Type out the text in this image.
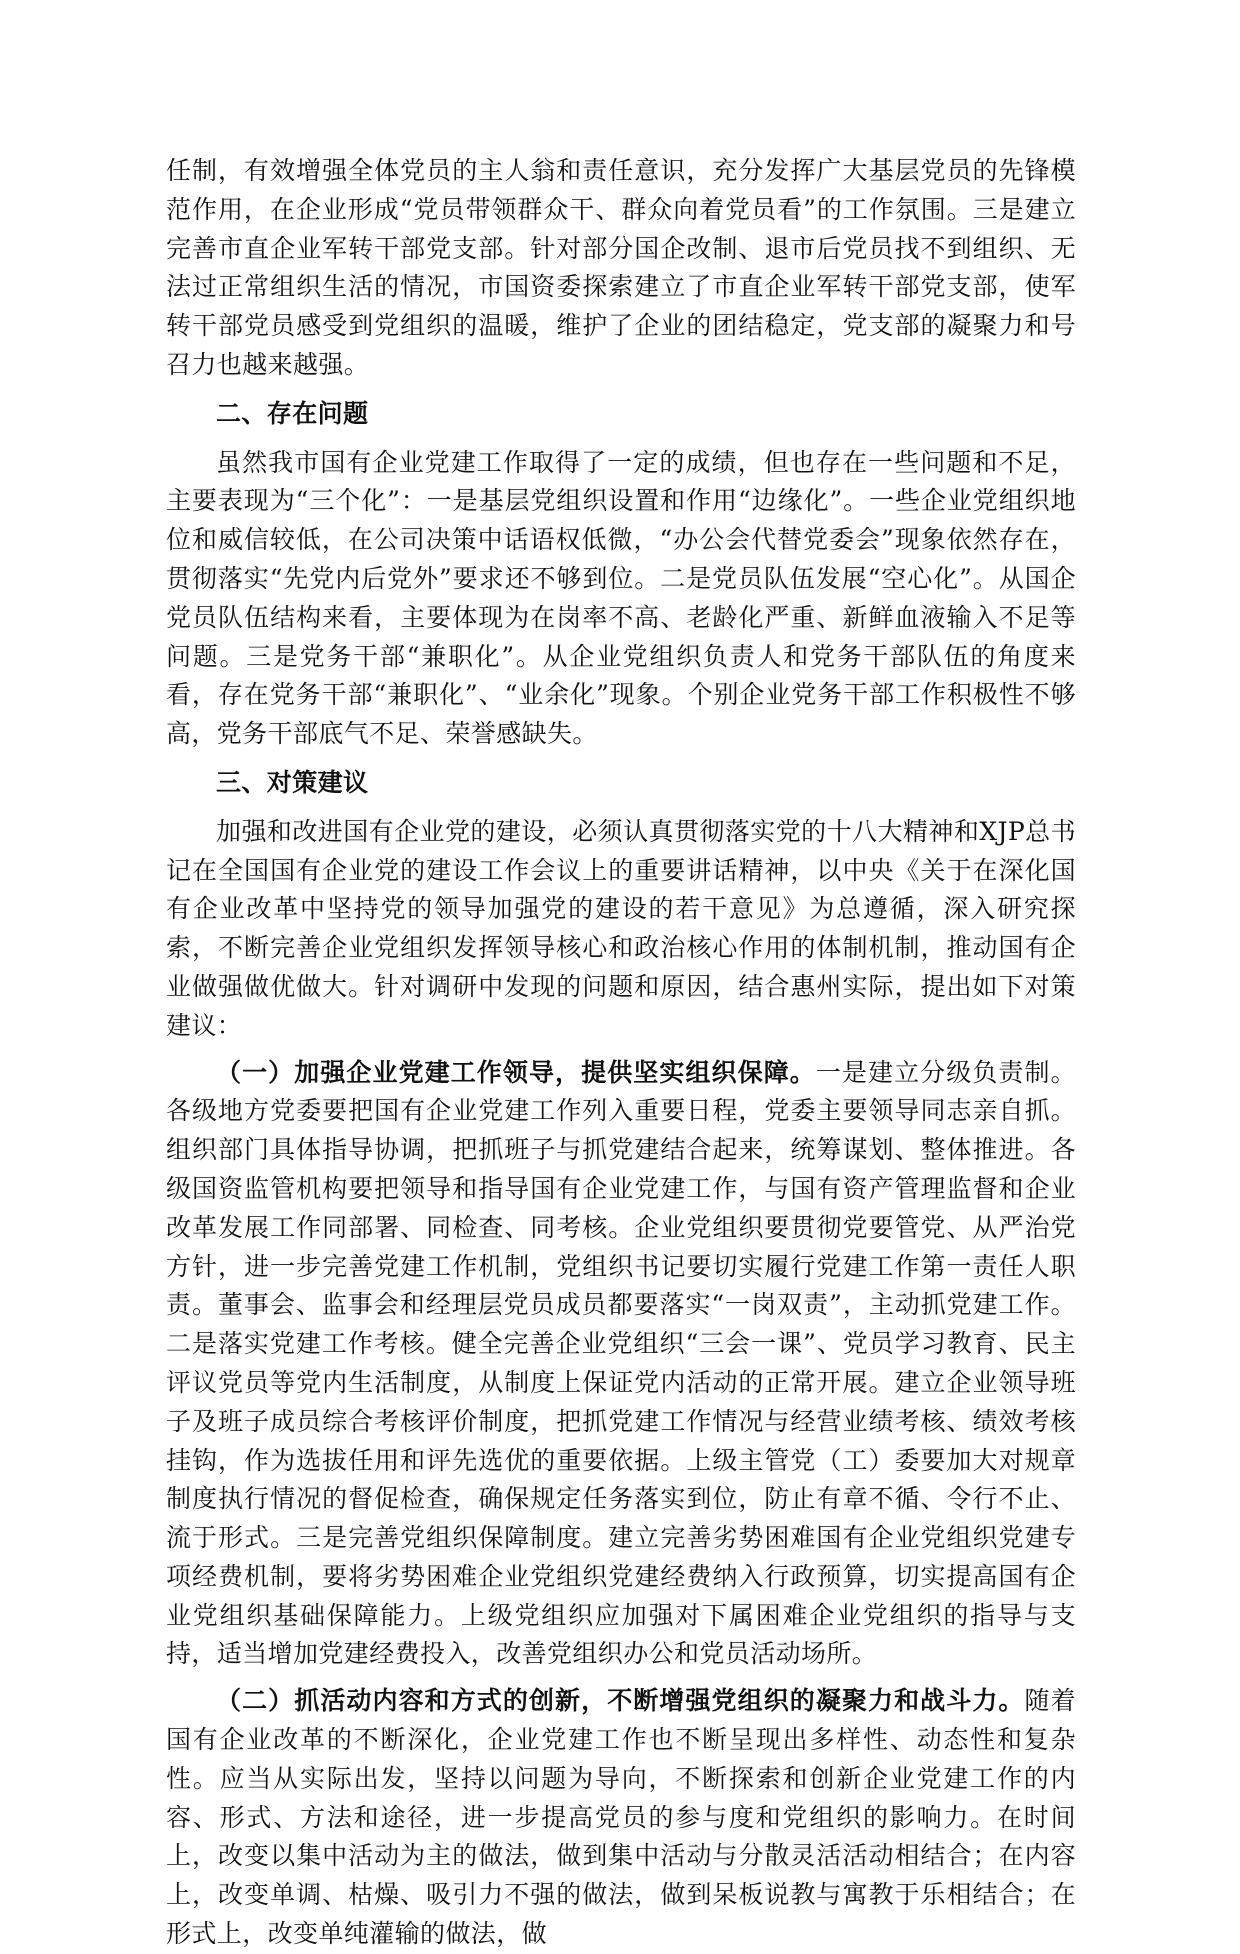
任制，有效增强全体党员的主人翁和责任意识，充分发挥广大基层党员的先锋模范作用，在企业形成“党员带领群众干、群众向着党员看”的工作氛围。三是建立完善市直企业军转干部党支部。针对部分国企改制、退市后党员找不到组织、无法过正常组织生活的情况，市国资委探索建立了市直企业军转干部党支部，使军转干部党员感受到党组织的温暖，维护了企业的团结稳定，党支部的凝聚力和号召力也越来越强。

二、存在问题

虽然我市国有企业党建工作取得了一定的成绩，但也存在一些问题和不足，主要表现为“三个化”：一是基层党组织设置和作用“边缘化”。一些企业党组织地位和威信较低，在公司决策中话语权低微，“办公会代替党委会”现象依然存在，贯彻落实“先党内后党外”要求还不够到位。二是党员队伍发展“空心化”。从国企党员队伍结构来看，主要体现为在岗率不高、老龄化严重、新鲜血液输入不足等问题。三是党务干部“兼职化”。从企业党组织负责人和党务干部队伍的角度来看，存在党务干部“兼职化”、“业余化”现象。个别企业党务干部工作积极性不够高，党务干部底气不足、荣誉感缺失。

三、对策建议

加强和改进国有企业党的建设，必须认真贯彻落实党的十八大精神和XJP总书记在全国国有企业党的建设工作会议上的重要讲话精神，以中央《关于在深化国有企业改革中坚持党的领导加强党的建设的若干意见》为总遵循，深入研究探索，不断完善企业党组织发挥领导核心和政治核心作用的体制机制，推动国有企业做强做优做大。针对调研中发现的问题和原因，结合惠州实际，提出如下对策建议：

（一）加强企业党建工作领导，提供坚实组织保障。一是建立分级负责制。各级地方党委要把国有企业党建工作列入重要日程，党委主要领导同志亲自抓。组织部门具体指导协调，把抓班子与抓党建结合起来，统筹谋划、整体推进。各级国资监管机构要把领导和指导国有企业党建工作，与国有资产管理监督和企业改革发展工作同部署、同检查、同考核。企业党组织要贯彻党要管党、从严治党方针，进一步完善党建工作机制，党组织书记要切实履行党建工作第一责任人职责。董事会、监事会和经理层党员成员都要落实“一岗双责”，主动抓党建工作。二是落实党建工作考核。健全完善企业党组织“三会一课”、党员学习教育、民主评议党员等党内生活制度，从制度上保证党内活动的正常开展。建立企业领导班子及班子成员综合考核评价制度，把抓党建工作情况与经营业绩考核、绩效考核挂钩，作为选拔任用和评先选优的重要依据。上级主管党（工）委要加大对规章制度执行情况的督促检查，确保规定任务落实到位，防止有章不循、令行不止、流于形式。三是完善党组织保障制度。建立完善劣势困难国有企业党组织党建专项经费机制，要将劣势困难企业党组织党建经费纳入行政预算，切实提高国有企业党组织基础保障能力。上级党组织应加强对下属困难企业党组织的指导与支持，适当增加党建经费投入，改善党组织办公和党员活动场所。

（二）抓活动内容和方式的创新，不断增强党组织的凝聚力和战斗力。随着国有企业改革的不断深化，企业党建工作也不断呈现出多样性、动态性和复杂性。应当从实际出发，坚持以问题为导向，不断探索和创新企业党建工作的内容、形式、方法和途径，进一步提高党员的参与度和党组织的影响力。在时间上，改变以集中活动为主的做法，做到集中活动与分散灵活活动相结合；在内容上，改变单调、枯燥、吸引力不强的做法，做到呆板说教与寓教于乐相结合；在形式上，改变单纯灌输的做法，做
